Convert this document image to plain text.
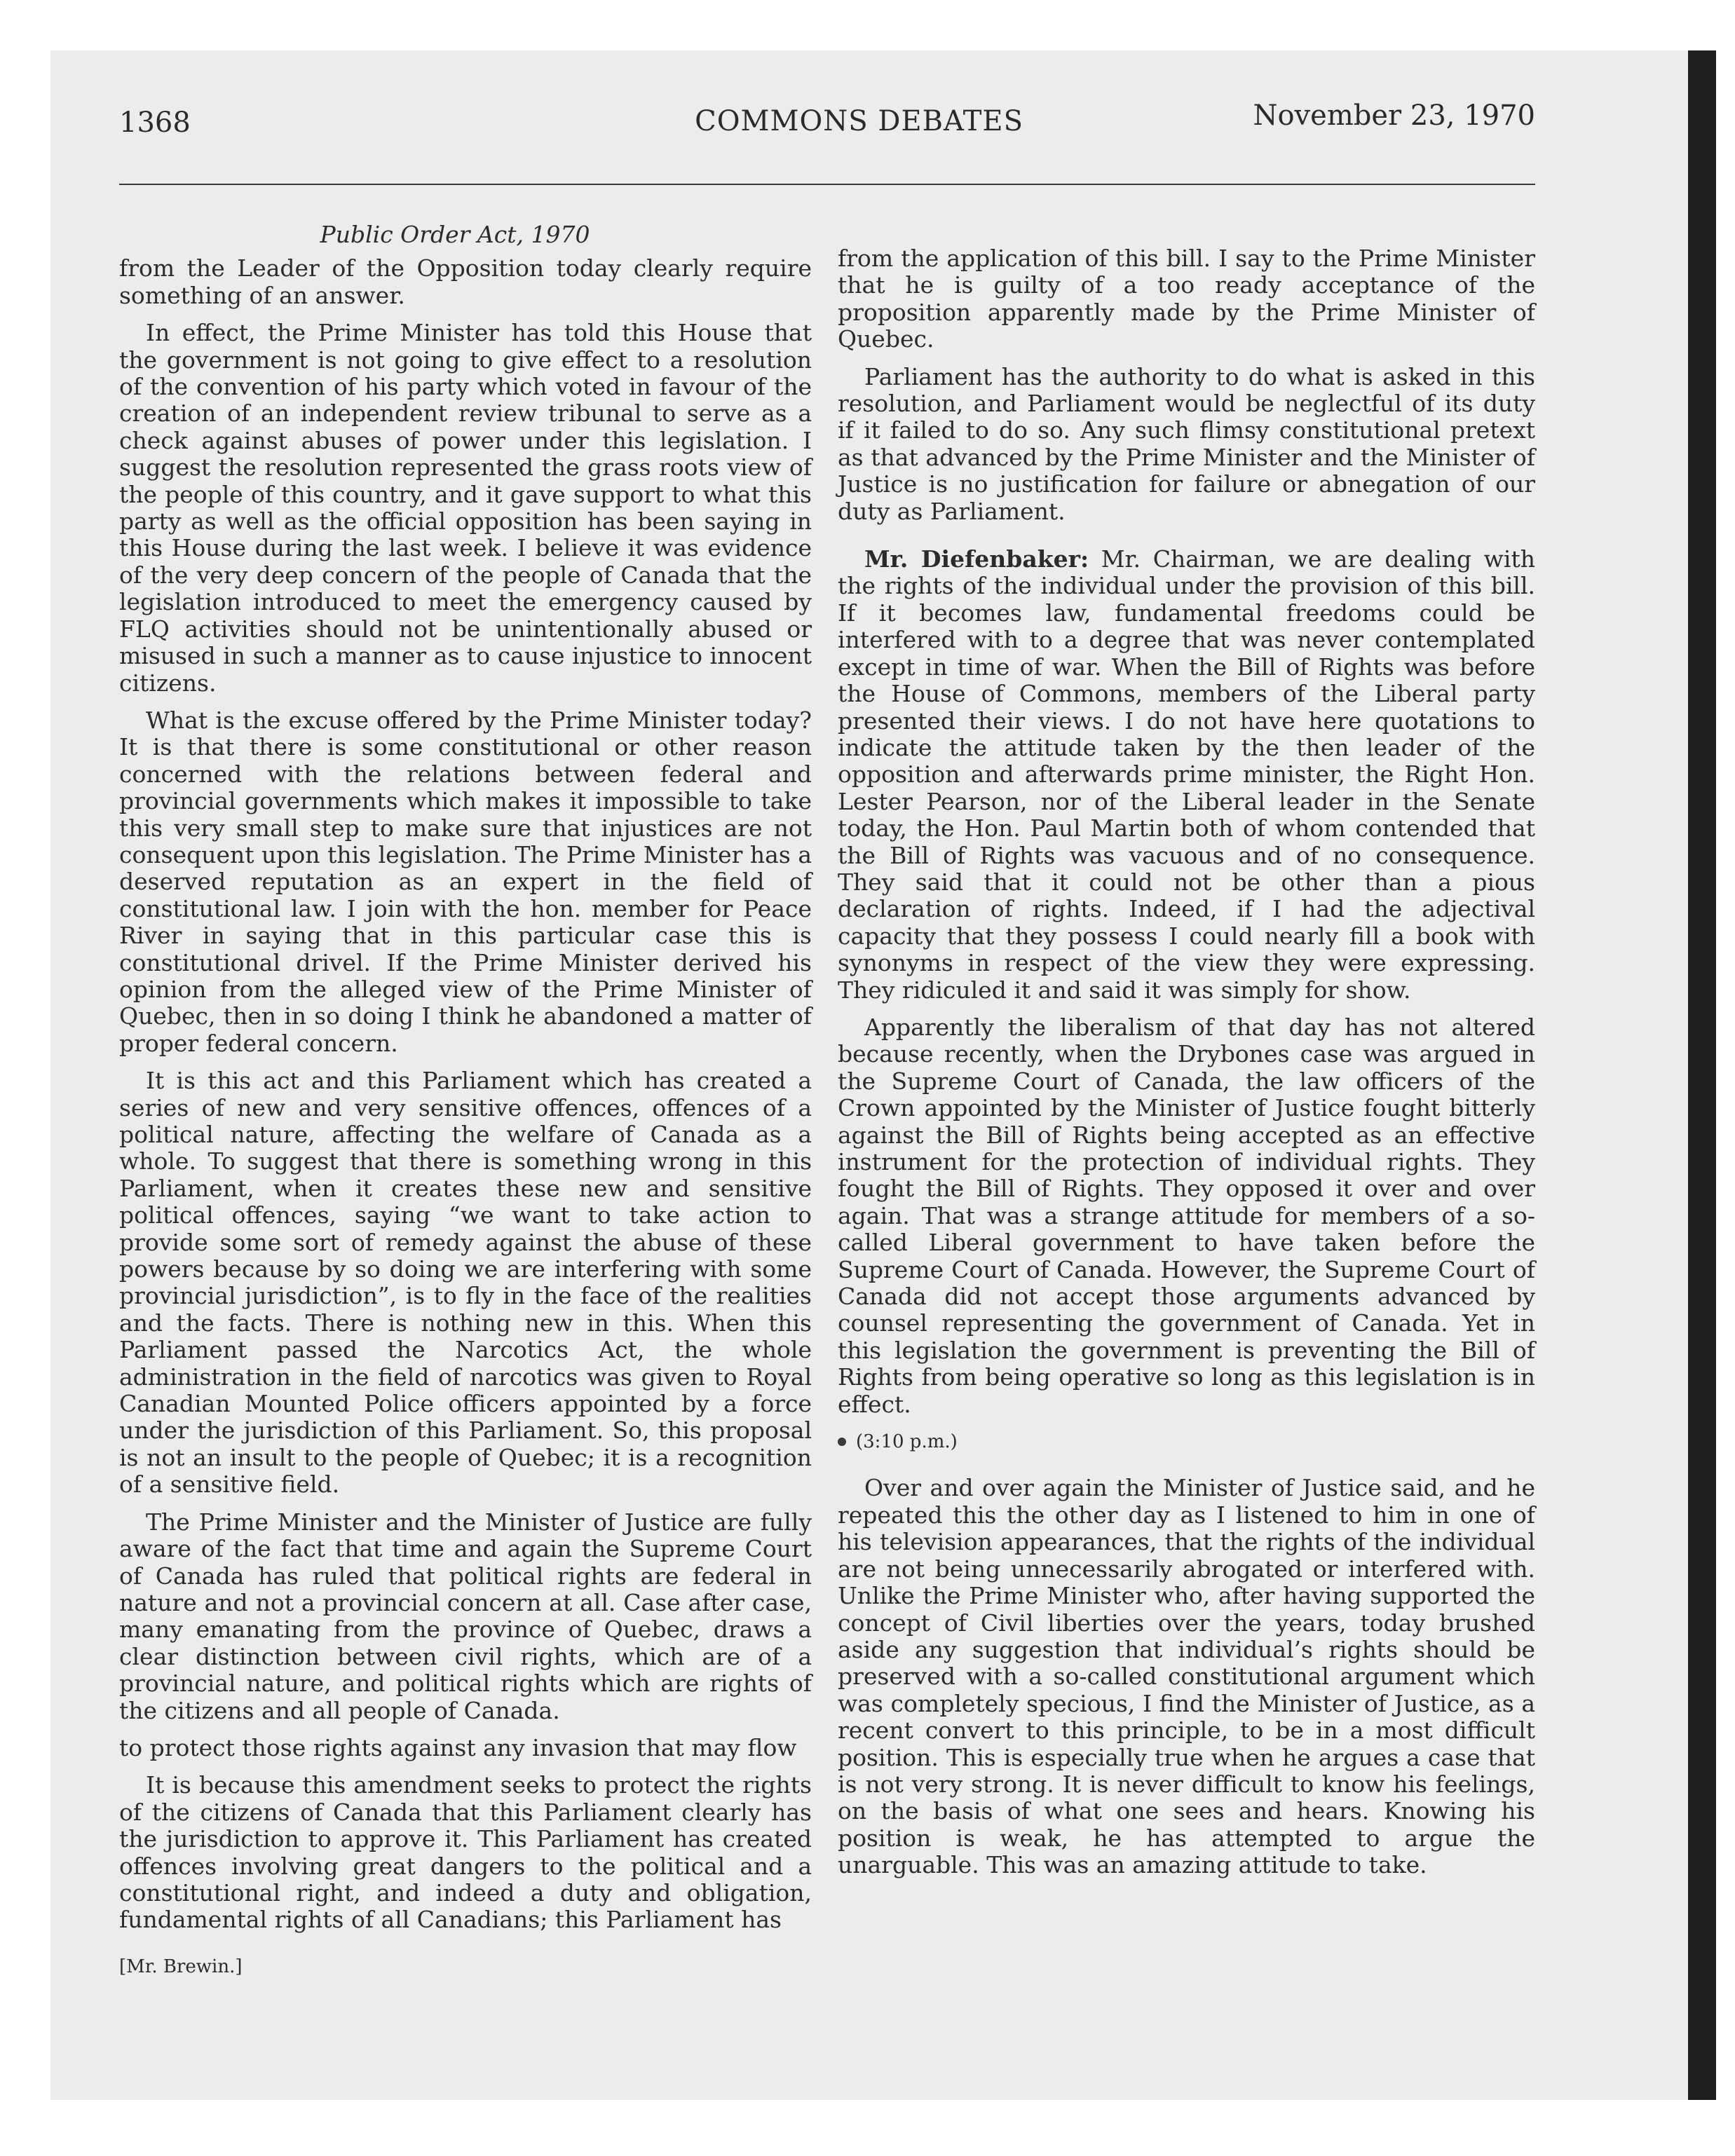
1368	COMMONS DEBATES	November 23, 1970
Public Order Act, 1970

from the Leader of the Opposition today clearly require something of an answer.

In effect, the Prime Minister has told this House that the government is not going to give effect to a resolution of the convention of his party which voted in favour of the creation of an independent review tribunal to serve as a check against abuses of power under this legislation. I suggest the resolution represented the grass roots view of the people of this country, and it gave support to what this party as well as the official opposition has been saying in this House during the last week. I believe it was evidence of the very deep concern of the people of Canada that the legislation introduced to meet the emergency caused by FLQ activities should not be unintentionally abused or misused in such a manner as to cause injustice to innocent citizens.

What is the excuse offered by the Prime Minister today? It is that there is some constitutional or other reason concerned with the relations between federal and provincial governments which makes it impossible to take this very small step to make sure that injustices are not consequent upon this legislation. The Prime Minister has a deserved reputation as an expert in the field of constitutional law. I join with the hon. member for Peace River in saying that in this particular case this is constitutional drivel. If the Prime Minister derived his opinion from the alleged view of the Prime Minister of Quebec, then in so doing I think he abandoned a matter of proper federal concern.

It is this act and this Parliament which has created a series of new and very sensitive offences, offences of a political nature, affecting the welfare of Canada as a whole. To suggest that there is something wrong in this Parliament, when it creates these new and sensitive political offences, saying “we want to take action to provide some sort of remedy against the abuse of these powers because by so doing we are interfering with some provincial jurisdiction”, is to fly in the face of the realities and the facts. There is nothing new in this. When this Parliament passed the Narcotics Act, the whole administration in the field of narcotics was given to Royal Canadian Mounted Police officers appointed by a force under the jurisdiction of this Parliament. So, this proposal is not an insult to the people of Quebec; it is a recognition of a sensitive field.

The Prime Minister and the Minister of Justice are fully aware of the fact that time and again the Supreme Court of Canada has ruled that political rights are federal in nature and not a provincial concern at all. Case after case, many emanating from the province of Quebec, draws a clear distinction between civil rights, which are of a provincial nature, and political rights which are rights of the citizens and all people of Canada.

to protect those rights against any invasion that may flow

It is because this amendment seeks to protect the rights of the citizens of Canada that this Parliament clearly has the jurisdiction to approve it. This Parliament has created offences involving great dangers to the political and a constitutional right, and indeed a duty and obligation, fundamental rights of all Canadians; this Parliament has

[Mr. Brewin.]

from the application of this bill. I say to the Prime Minister that he is guilty of a too ready acceptance of the proposition apparently made by the Prime Minister of Quebec.

Parliament has the authority to do what is asked in this resolution, and Parliament would be neglectful of its duty if it failed to do so. Any such flimsy constitutional pretext as that advanced by the Prime Minister and the Minister of Justice is no justification for failure or abnegation of our duty as Parliament.

Mr. Diefenbaker: Mr. Chairman, we are dealing with the rights of the individual under the provision of this bill. If it becomes law, fundamental freedoms could be interfered with to a degree that was never contemplated except in time of war. When the Bill of Rights was before the House of Commons, members of the Liberal party presented their views. I do not have here quotations to indicate the attitude taken by the then leader of the opposition and afterwards prime minister, the Right Hon. Lester Pearson, nor of the Liberal leader in the Senate today, the Hon. Paul Martin both of whom contended that the Bill of Rights was vacuous and of no consequence. They said that it could not be other than a pious declaration of rights. Indeed, if I had the adjectival capacity that they possess I could nearly fill a book with synonyms in respect of the view they were expressing. They ridiculed it and said it was simply for show.

Apparently the liberalism of that day has not altered because recently, when the Drybones case was argued in the Supreme Court of Canada, the law officers of the Crown appointed by the Minister of Justice fought bitterly against the Bill of Rights being accepted as an effective instrument for the protection of individual rights. They fought the Bill of Rights. They opposed it over and over again. That was a strange attitude for members of a so-called Liberal government to have taken before the Supreme Court of Canada. However, the Supreme Court of Canada did not accept those arguments advanced by counsel representing the government of Canada. Yet in this legislation the government is preventing the Bill of Rights from being operative so long as this legislation is in effect.

(3:10 p.m.)

Over and over again the Minister of Justice said, and he repeated this the other day as I listened to him in one of his television appearances, that the rights of the individual are not being unnecessarily abrogated or interfered with. Unlike the Prime Minister who, after having supported the concept of Civil liberties over the years, today brushed aside any suggestion that individual’s rights should be preserved with a so-called constitutional argument which was completely specious, I find the Minister of Justice, as a recent convert to this principle, to be in a most difficult position. This is especially true when he argues a case that is not very strong. It is never difficult to know his feelings, on the basis of what one sees and hears. Knowing his position is weak, he has attempted to argue the unarguable. This was an amazing attitude to take.
